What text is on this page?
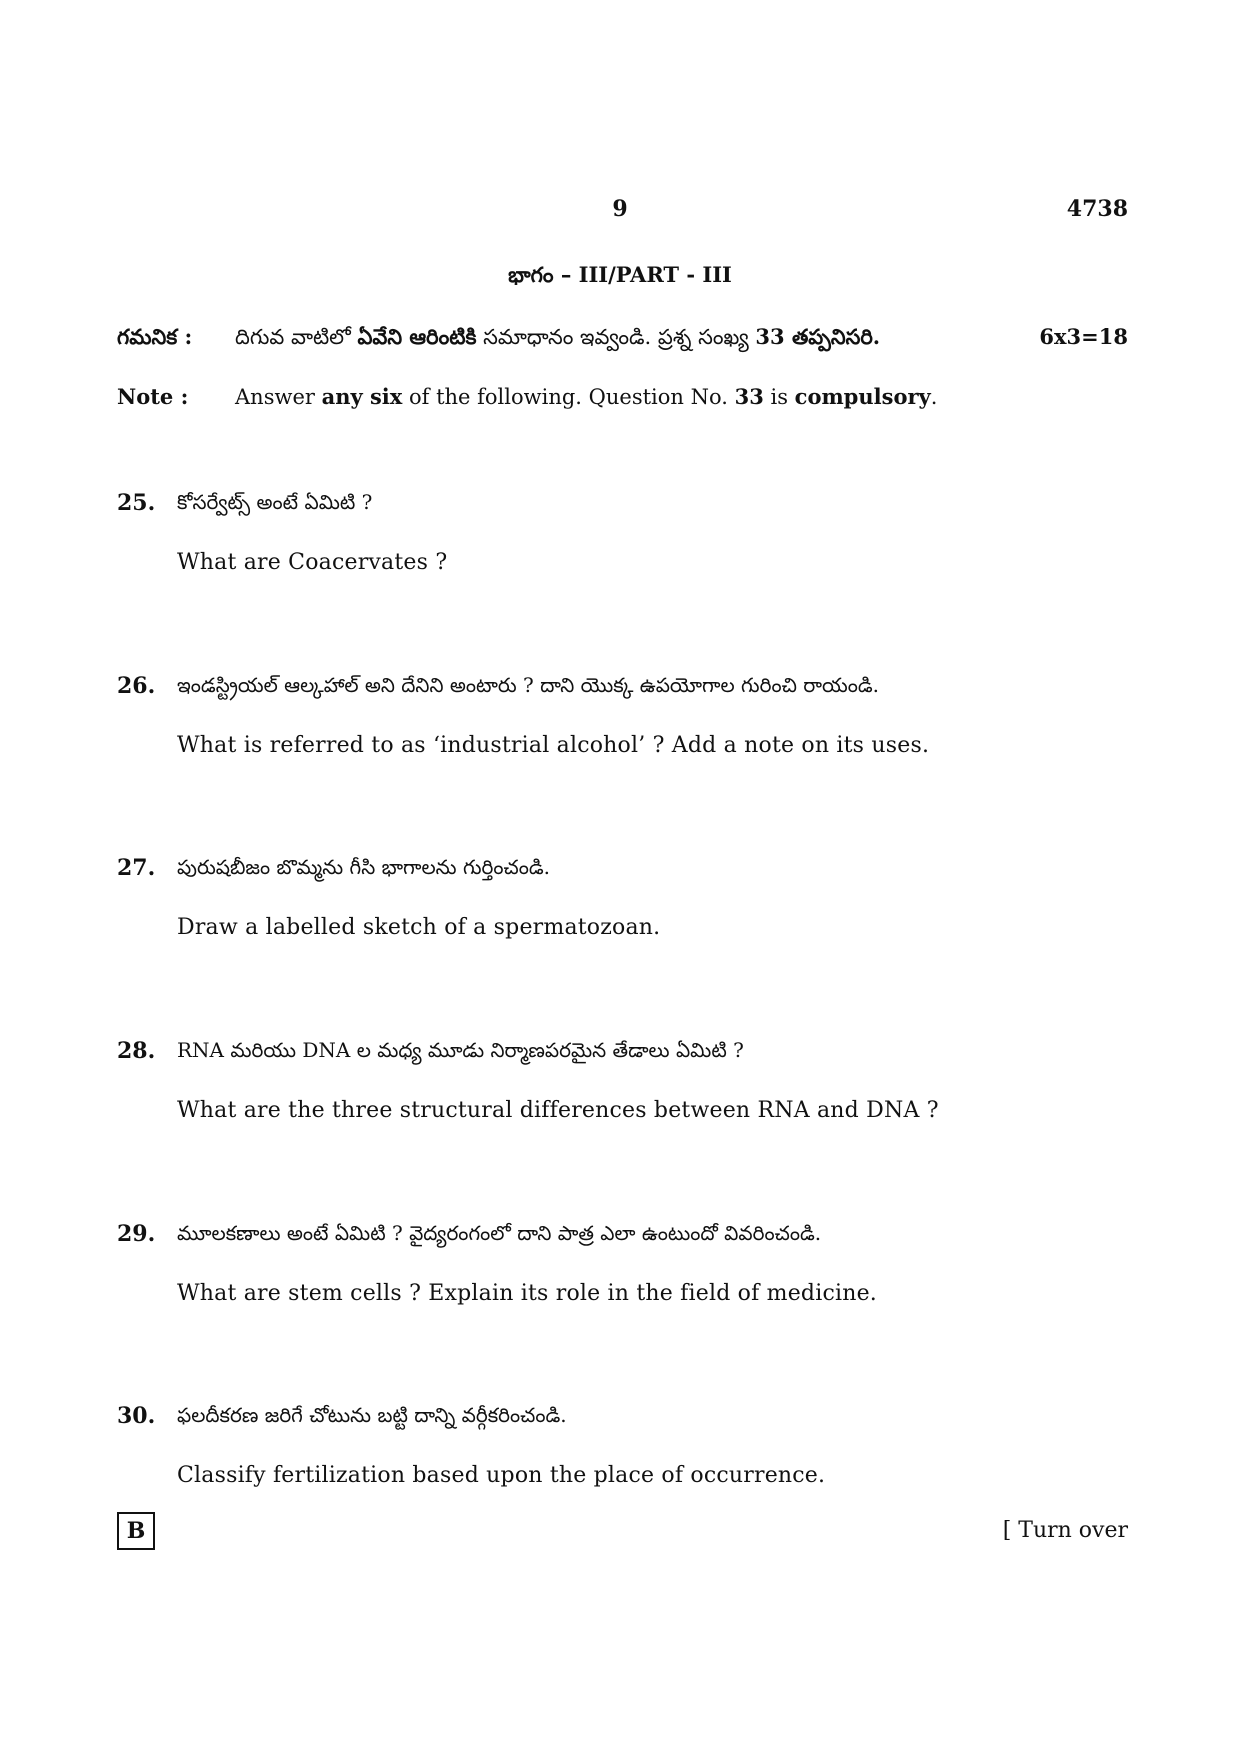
9	4738
భాగం – III/PART - III
గమనిక :	దిగువ వాటిలో ఏవేని ఆరింటికి సమాధానం ఇవ్వండి. ప్రశ్న సంఖ్య 33 తప్పనిసరి.	6x3=18
Note :	Answer any six of the following. Question No. 33 is compulsory.
25. కోసర్వేట్స్ అంటే ఏమిటి ?
What are Coacervates ?
26. ఇండస్ట్రియల్ ఆల్కహాల్ అని దేనిని అంటారు ? దాని యొక్క ఉపయోగాల గురించి రాయండి.
What is referred to as ‘industrial alcohol’ ? Add a note on its uses.
27. పురుషబీజం బొమ్మను గీసి భాగాలను గుర్తించండి.
Draw a labelled sketch of a spermatozoan.
28. RNA మరియు DNA ల మధ్య మూడు నిర్మాణపరమైన తేడాలు ఏమిటి ?
What are the three structural differences between RNA and DNA ?
29. మూలకణాలు అంటే ఏమిటి ? వైద్యరంగంలో దాని పాత్ర ఎలా ఉంటుందో వివరించండి.
What are stem cells ? Explain its role in the field of medicine.
30. ఫలదీకరణ జరిగే చోటును బట్టి దాన్ని వర్గీకరించండి.
Classify fertilization based upon the place of occurrence.
B	[ Turn over
